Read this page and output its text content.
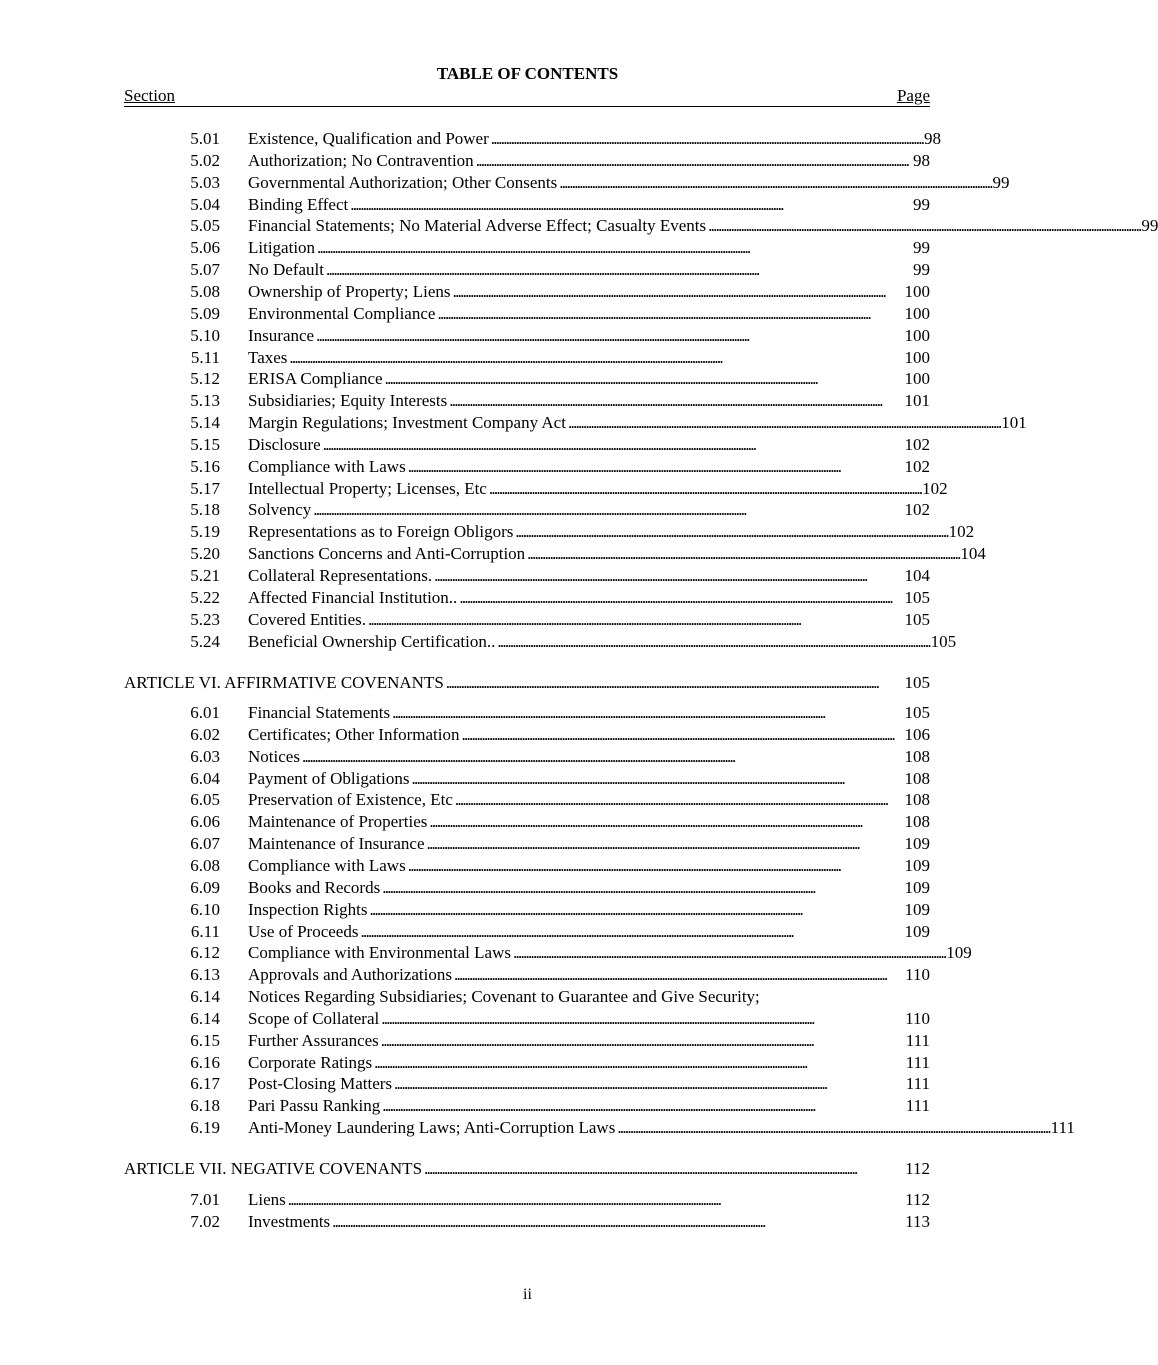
TABLE OF CONTENTS
Section	Page
5.01 Existence, Qualification and Power . . .	98
5.02 Authorization; No Contravention . . .	98
5.03 Governmental Authorization; Other Consents . . .	99
5.04 Binding Effect . . .	99
5.05 Financial Statements; No Material Adverse Effect; Casualty Events . . .	99
5.06 Litigation . . .	99
5.07 No Default . . .	99
5.08 Ownership of Property; Liens . . .	100
5.09 Environmental Compliance . . .	100
5.10 Insurance . . .	100
5.11 Taxes . . .	100
5.12 ERISA Compliance . . .	100
5.13 Subsidiaries; Equity Interests . . .	101
5.14 Margin Regulations; Investment Company Act . . .	101
5.15 Disclosure . . .	102
5.16 Compliance with Laws . . .	102
5.17 Intellectual Property; Licenses, Etc . . .	102
5.18 Solvency . . .	102
5.19 Representations as to Foreign Obligors . . .	102
5.20 Sanctions Concerns and Anti-Corruption . . .	104
5.21 Collateral Representations. . . .	104
5.22 Affected Financial Institution.. . . .	105
5.23 Covered Entities. . . .	105
5.24 Beneficial Ownership Certification.. . . .	105
ARTICLE VI. AFFIRMATIVE COVENANTS . . .	105
6.01 Financial Statements . . .	105
6.02 Certificates; Other Information . . .	106
6.03 Notices . . .	108
6.04 Payment of Obligations . . .	108
6.05 Preservation of Existence, Etc . . .	108
6.06 Maintenance of Properties . . .	108
6.07 Maintenance of Insurance . . .	109
6.08 Compliance with Laws . . .	109
6.09 Books and Records . . .	109
6.10 Inspection Rights . . .	109
6.11 Use of Proceeds . . .	109
6.12 Compliance with Environmental Laws . . .	109
6.13 Approvals and Authorizations . . .	110
6.14 Notices Regarding Subsidiaries; Covenant to Guarantee and Give Security;
6.14 Scope of Collateral . . .	110
6.15 Further Assurances . . .	111
6.16 Corporate Ratings . . .	111
6.17 Post-Closing Matters . . .	111
6.18 Pari Passu Ranking . . .	111
6.19 Anti-Money Laundering Laws; Anti-Corruption Laws . . .	111
ARTICLE VII. NEGATIVE COVENANTS . . .	112
7.01 Liens . . .	112
7.02 Investments . . .	113
ii
